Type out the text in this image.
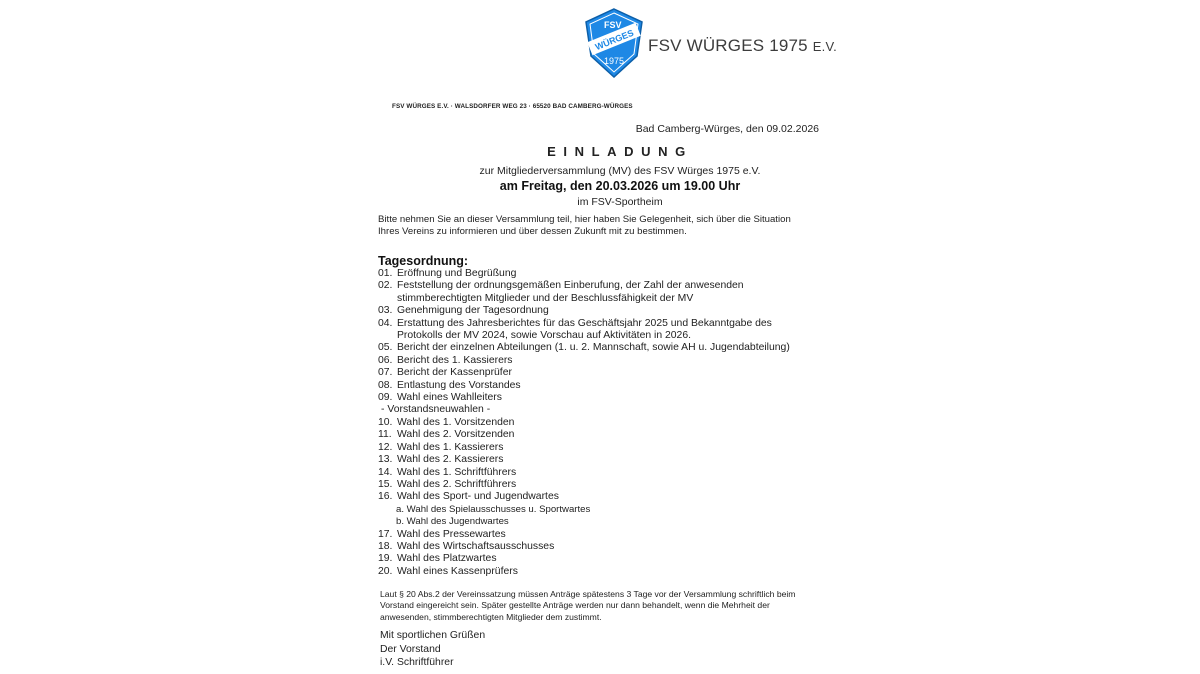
FSV
WÜRGES
1975
FSV WÜRGES 1975 E.V.
FSV WÜRGES E.V. · WALSDORFER WEG 23 · 65520 BAD CAMBERG-WÜRGES
Bad Camberg-Würges, den 09.02.2026
EINLADUNG
zur Mitgliederversammlung (MV) des FSV Würges 1975 e.V.
am Freitag, den 20.03.2026 um 19.00 Uhr
im FSV-Sportheim
Bitte nehmen Sie an dieser Versammlung teil, hier haben Sie Gelegenheit, sich über die Situation Ihres Vereins zu informieren und über dessen Zukunft mit zu bestimmen.
Tagesordnung:
01. Eröffnung und Begrüßung
02. Feststellung der ordnungsgemäßen Einberufung, der Zahl der anwesenden stimmberechtigten Mitglieder und der Beschlussfähigkeit der MV
03. Genehmigung der Tagesordnung
04. Erstattung des Jahresberichtes für das Geschäftsjahr 2025 und Bekanntgabe des Protokolls der MV 2024, sowie Vorschau auf Aktivitäten in 2026.
05. Bericht der einzelnen Abteilungen (1. u. 2. Mannschaft, sowie AH u. Jugendabteilung)
06. Bericht des 1. Kassierers
07. Bericht der Kassenprüfer
08. Entlastung des Vorstandes
09. Wahl eines Wahlleiters
- Vorstandsneuwahlen -
10. Wahl des 1. Vorsitzenden
11. Wahl des 2. Vorsitzenden
12. Wahl des 1. Kassierers
13. Wahl des 2. Kassierers
14. Wahl des 1. Schriftführers
15. Wahl des 2. Schriftführers
16. Wahl des Sport- und Jugendwartes
a. Wahl des Spielausschusses u. Sportwartes
b. Wahl des Jugendwartes
17. Wahl des Pressewartes
18. Wahl des Wirtschaftsausschusses
19. Wahl des Platzwartes
20. Wahl eines Kassenprüfers
Laut § 20 Abs.2 der Vereinssatzung müssen Anträge spätestens 3 Tage vor der Versammlung schriftlich beim Vorstand eingereicht sein. Später gestellte Anträge werden nur dann behandelt, wenn die Mehrheit der anwesenden, stimmberechtigten Mitglieder dem zustimmt.
Mit sportlichen Grüßen
Der Vorstand
i.V. Schriftführer
